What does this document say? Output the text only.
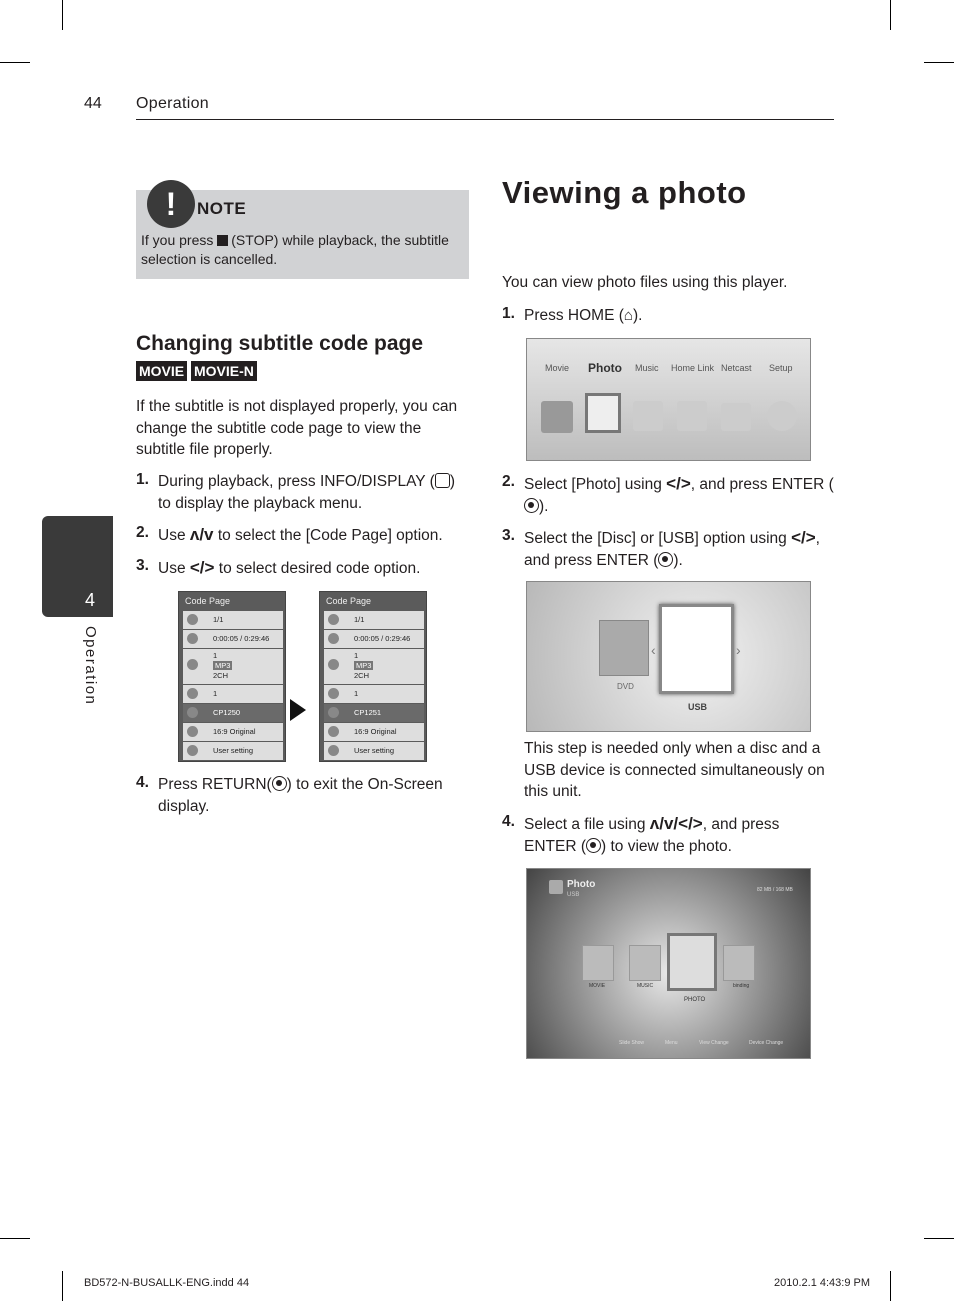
44 Operation
4
Operation
!	NOTE
If you press (STOP) while playback, the subtitle selection is cancelled.
Changing subtitle code page
MOVIE MOVIE-N
If the subtitle is not displayed properly, you can change the subtitle code page to view the subtitle file properly.
1. During playback, press INFO/DISPLAY ( ) to display the playback menu.
2. Use ʌ/v to select the [Code Page] option.
3. Use </> to select desired code option.
Code Page
1/1
0:00:05 / 0:29:46
1
MP3
2CH
1
CP1250
16:9 Original
User setting
Code Page
1/1
0:00:05 / 0:29:46
1
MP3
2CH
1
CP1251
16:9 Original
User setting
4. Press RETURN( ) to exit the On-Screen display.
Viewing a photo
You can view photo files using this player.
1. Press HOME (⌂).
Movie Photo Music Home Link Netcast Setup
2. Select [Photo] using </>, and press ENTER ().
3. Select the [Disc] or [USB] option using </>, and press ENTER ( ).
DVD
USB
‹	›
This step is needed only when a disc and a USB device is connected simultaneously on this unit.
4. Select a file using ʌ/v/</>, and press ENTER ( ) to view the photo.
Photo
USB
82 MB / 168 MB
MOVIE	MUSIC
PHOTO
binding
Slide Show	Menu	View Change	Device Change
BD572-N-BUSALLK-ENG.indd 44	2010.2.1 4:43:9 PM
